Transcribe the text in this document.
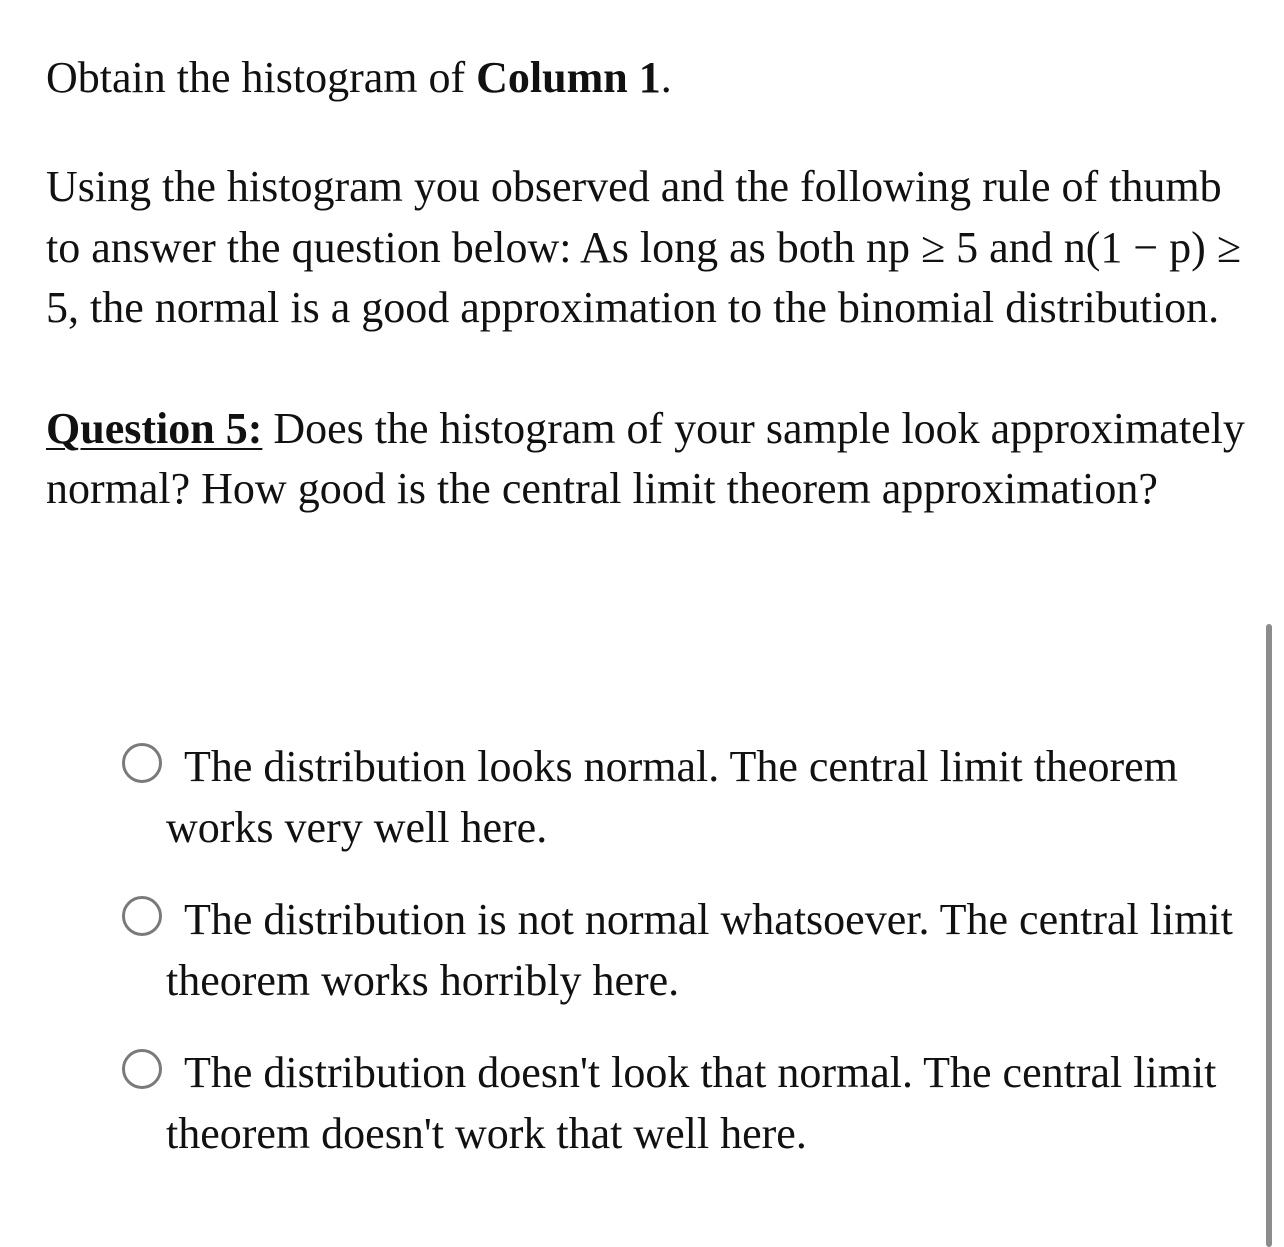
Obtain the histogram of Column 1.

Using the histogram you observed and the following rule of thumb to answer the question below: As long as both np ≥ 5 and n(1 − p) ≥ 5, the normal is a good approximation to the binomial distribution.

Question 5: Does the histogram of your sample look approximately normal? How good is the central limit theorem approximation?

The distribution looks normal. The central limit theorem works very well here.
The distribution is not normal whatsoever. The central limit theorem works horribly here.
The distribution doesn't look that normal. The central limit theorem doesn't work that well here.
